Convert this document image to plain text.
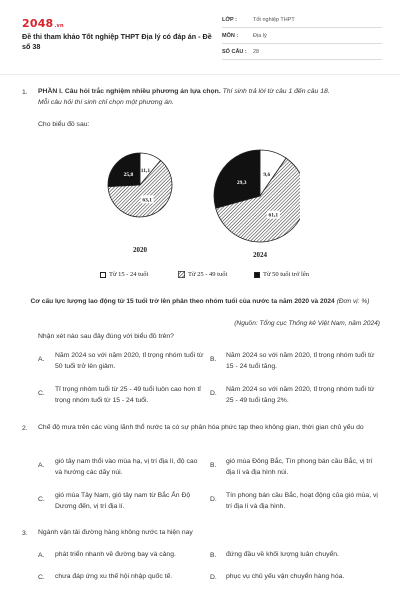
2048.vn
Đề thi tham khảo Tốt nghiệp THPT Địa lý có đáp án - Đề số 38
LỚP :	Tốt nghiệp THPT
MÔN :	Địa lý
SỐ CÂU :	28
1. PHẦN I. Câu hỏi trắc nghiệm nhiều phương án lựa chọn. Thí sinh trả lời từ câu 1 đến câu 18.
Mỗi câu hỏi thí sinh chỉ chọn một phương án.
Cho biểu đồ sau:
11,1
63,1
25,8
2020
9,6
61,1
29,3
2024
Từ 15 - 24 tuổi	Từ 25 - 49 tuổi	Từ 50 tuổi trở lên
Cơ cấu lực lượng lao động từ 15 tuổi trở lên phân theo nhóm tuổi của nước ta năm 2020 và 2024 (Đơn vị: %)
(Nguồn: Tổng cục Thống kê Việt Nam, năm 2024)
Nhận xét nào sau đây đúng với biểu đồ trên?
A.
Năm 2024 so với năm 2020, tỉ trọng nhóm tuổi từ 50 tuổi trở lên giảm.
B.
Năm 2024 so với năm 2020, tỉ trọng nhóm tuổi từ 15 - 24 tuổi tăng.
C.
Tỉ trọng nhóm tuổi từ 25 - 49 tuổi luôn cao hơn tỉ trọng nhóm tuổi từ 15 - 24 tuổi.
D.
Năm 2024 so với năm 2020, tỉ trọng nhóm tuổi từ 25 - 49 tuổi tăng 2%.
2. Chế độ mưa trên các vùng lãnh thổ nước ta có sự phân hóa phức tạp theo không gian, thời gian chủ yếu do
A.
gió tây nam thổi vào mùa hạ, vị trí địa lí, độ cao và hướng các dãy núi.
B.
gió mùa Đông Bắc, Tín phong bán cầu Bắc, vị trí địa lí và địa hình núi.
C.
gió mùa Tây Nam, gió tây nam từ Bắc Ấn Độ Dương đến, vị trí địa lí.
D.
Tín phong bán cầu Bắc, hoạt động của gió mùa, vị trí địa lí và địa hình.
3. Ngành vận tải đường hàng không nước ta hiện nay
A. phát triển nhanh về đường bay và cảng.	B. đứng đầu về khối lượng luân chuyển.
C. chưa đáp ứng xu thế hội nhập quốc tế.	D. phục vụ chủ yếu vận chuyển hàng hóa.
